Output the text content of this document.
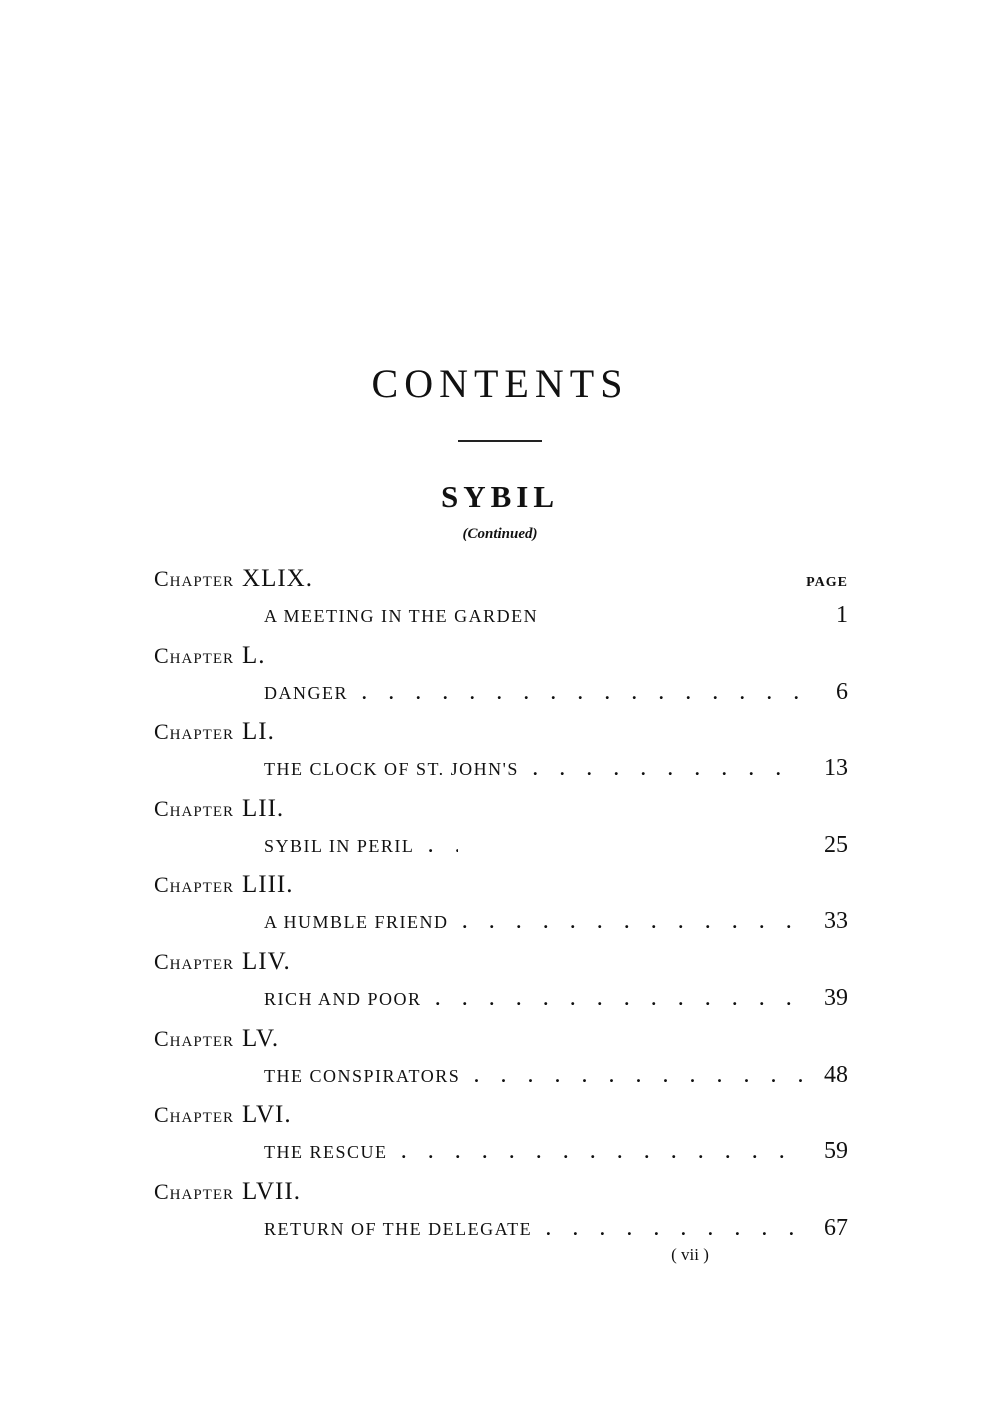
CONTENTS
SYBIL
(Continued)
PAGE
Chapter XLIX.
A MEETING IN THE GARDEN	1
Chapter L.
DANGER . . .	6
Chapter LI.
THE CLOCK OF ST. JOHN'S . . .	13
Chapter LII.
SYBIL IN PERIL . . .	25
Chapter LIII.
A HUMBLE FRIEND . . .	33
Chapter LIV.
RICH AND POOR . . .	39
Chapter LV.
THE CONSPIRATORS . . .	48
Chapter LVI.
THE RESCUE . . .	59
Chapter LVII.
RETURN OF THE DELEGATE . . .	67
( vii )
